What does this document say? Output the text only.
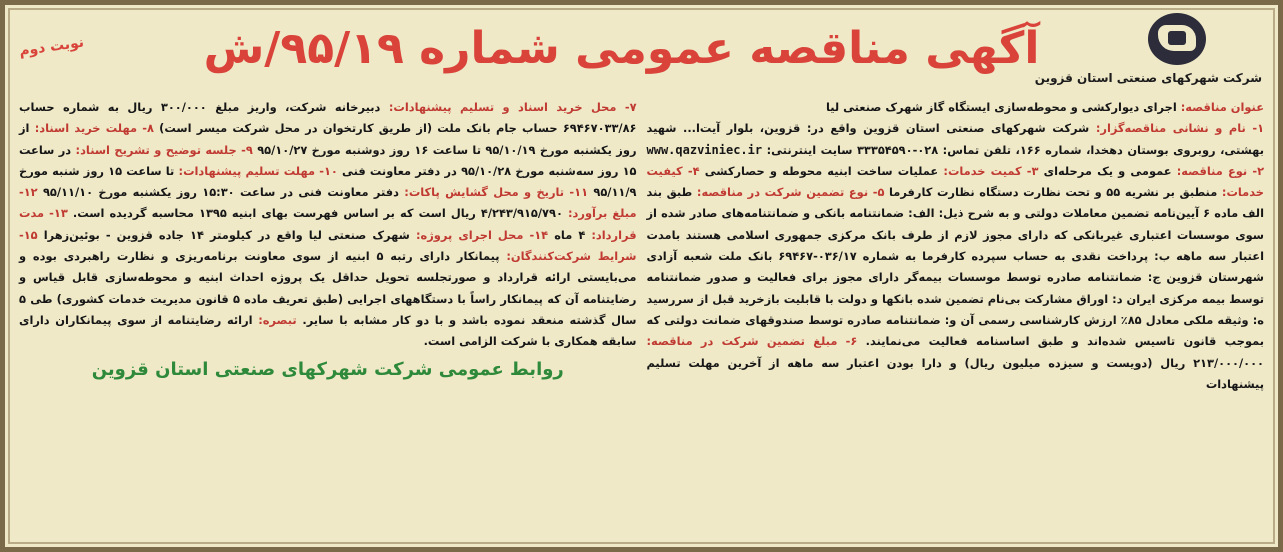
شرکت شهرکهای صنعتی استان قزوین
آگهی مناقصه عمومی شماره ۹۵/۱۹/ش
نوبت دوم

عنوان مناقصه: اجرای دیوارکشی و محوطه‌سازی ایستگاه گاز شهرک صنعتی لیا

۱- نام و نشانی مناقصه‌گزار: شرکت شهرکهای صنعتی استان قزوین واقع در: قزوین، بلوار آیت‌ا... شهید بهشتی، روبروی بوستان دهخدا، شماره ۱۶۶، تلفن تماس: ۰۲۸-۳۳۳۵۴۵۹۰ سایت اینترنتی: www.qazviniec.ir ۲- نوع مناقصه: عمومی و یک مرحله‌ای ۳- کمیت خدمات: عملیات ساخت ابنیه محوطه و حصارکشی ۴- کیفیت خدمات: منطبق بر نشریه ۵۵ و تحت نظارت دستگاه نظارت کارفرما ۵- نوع تضمین شرکت در مناقصه: طبق بند الف ماده ۶ آیین‌نامه تضمین معاملات دولتی و به شرح ذیل: الف: ضمانتنامه بانکی و ضمانتنامه‌های صادر شده از سوی موسسات اعتباری غیربانکی که دارای مجوز لازم از طرف بانک مرکزی جمهوری اسلامی هستند بامدت اعتبار سه ماهه ب: پرداخت نقدی به حساب سپرده کارفرما به شماره ۰۳۶/۱۷-۶۹۴۶۷ بانک ملت شعبه آزادی شهرستان قزوین ج: ضمانتنامه صادره توسط موسسات بیمه‌گر دارای مجوز برای فعالیت و صدور ضمانتنامه توسط بیمه مرکزی ایران د: اوراق مشارکت بی‌نام تضمین شده بانکها و دولت با قابلیت بازخرید قبل از سررسید ه: وثیقه ملکی معادل ۸۵٪ ارزش کارشناسی رسمی آن و: ضمانتنامه صادره توسط صندوقهای ضمانت دولتی که بموجب قانون تاسیس شده‌اند و طبق اساسنامه فعالیت می‌نمایند. ۶- مبلغ تضمین شرکت در مناقصه: ۲۱۳/۰۰۰/۰۰۰ ریال (دویست و سیزده میلیون ریال) و دارا بودن اعتبار سه ماهه از آخرین مهلت تسلیم پیشنهادات

۷- محل خرید اسناد و تسلیم پیشنهادات: دبیرخانه شرکت، واریز مبلغ ۳۰۰/۰۰۰ ریال به شماره حساب ۶۹۴۶۷۰۳۳/۸۶ حساب جام بانک ملت (از طریق کارتخوان در محل شرکت میسر است) ۸- مهلت خرید اسناد: از روز یکشنبه مورخ ۹۵/۱۰/۱۹ تا ساعت ۱۶ روز دوشنبه مورخ ۹۵/۱۰/۲۷ ۹- جلسه توضیح و تشریح اسناد: در ساعت ۱۵ روز سه‌شنبه مورخ ۹۵/۱۰/۲۸ در دفتر معاونت فنی ۱۰- مهلت تسلیم پیشنهادات: تا ساعت ۱۵ روز شنبه مورخ ۹۵/۱۱/۹ ۱۱- تاریخ و محل گشایش پاکات: دفتر معاونت فنی در ساعت ۱۵:۳۰ روز یکشنبه مورخ ۹۵/۱۱/۱۰ ۱۲- مبلغ برآورد: ۴/۲۴۳/۹۱۵/۷۹۰ ریال است که بر اساس فهرست بهای ابنیه ۱۳۹۵ محاسبه گردیده است. ۱۳- مدت قرارداد: ۴ ماه ۱۴- محل اجرای پروژه: شهرک صنعتی لیا واقع در کیلومتر ۱۴ جاده قزوین - بوئین‌زهرا ۱۵- شرایط شرکت‌کنندگان: پیمانکار دارای رتبه ۵ ابنیه از سوی معاونت برنامه‌ریزی و نظارت راهبردی بوده و می‌بایستی ارائه قرارداد و صورتجلسه تحویل حداقل یک پروژه احداث ابنیه و محوطه‌سازی قابل قیاس و رضایتنامه آن که پیمانکار راساً با دستگاههای اجرایی (طبق تعریف ماده ۵ قانون مدیریت خدمات کشوری) طی ۵ سال گذشته منعقد نموده باشد و با دو کار مشابه با سایر. تبصره: ارائه رضایتنامه از سوی پیمانکاران دارای سابقه همکاری با شرکت الزامی است.

روابط عمومی شرکت شهرکهای صنعتی استان قزوین
